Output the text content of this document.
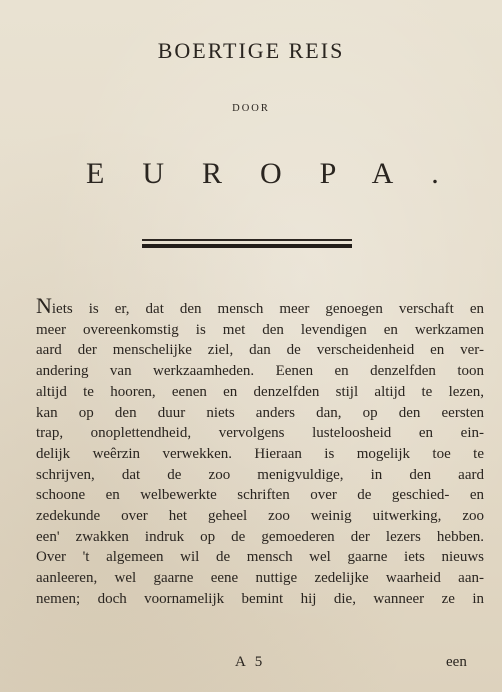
BOERTIGE REIS
DOOR
EUROPA.
Niets is er, dat den mensch meer genoegen verschaft en
meer overeenkomstig is met den levendigen en werkzamen
aard der menschelijke ziel, dan de verscheidenheid en ver-
andering van werkzaamheden. Eenen en denzelfden toon
altijd te hooren, eenen en denzelfden stijl altijd te lezen,
kan op den duur niets anders dan, op den eersten
trap, onoplettendheid, vervolgens lusteloosheid en ein-
delijk weêrzin verwekken. Hieraan is mogelijk toe te
schrijven, dat de zoo menigvuldige, in den aard
schoone en welbewerkte schriften over de geschied- en
zedekunde over het geheel zoo weinig uitwerking, zoo
een' zwakken indruk op de gemoederen der lezers hebben.
Over 't algemeen wil de mensch wel gaarne iets nieuws
aanleeren, wel gaarne eene nuttige zedelijke waarheid aan-
nemen; doch voornamelijk bemint hij die, wanneer ze in
A 5	een
